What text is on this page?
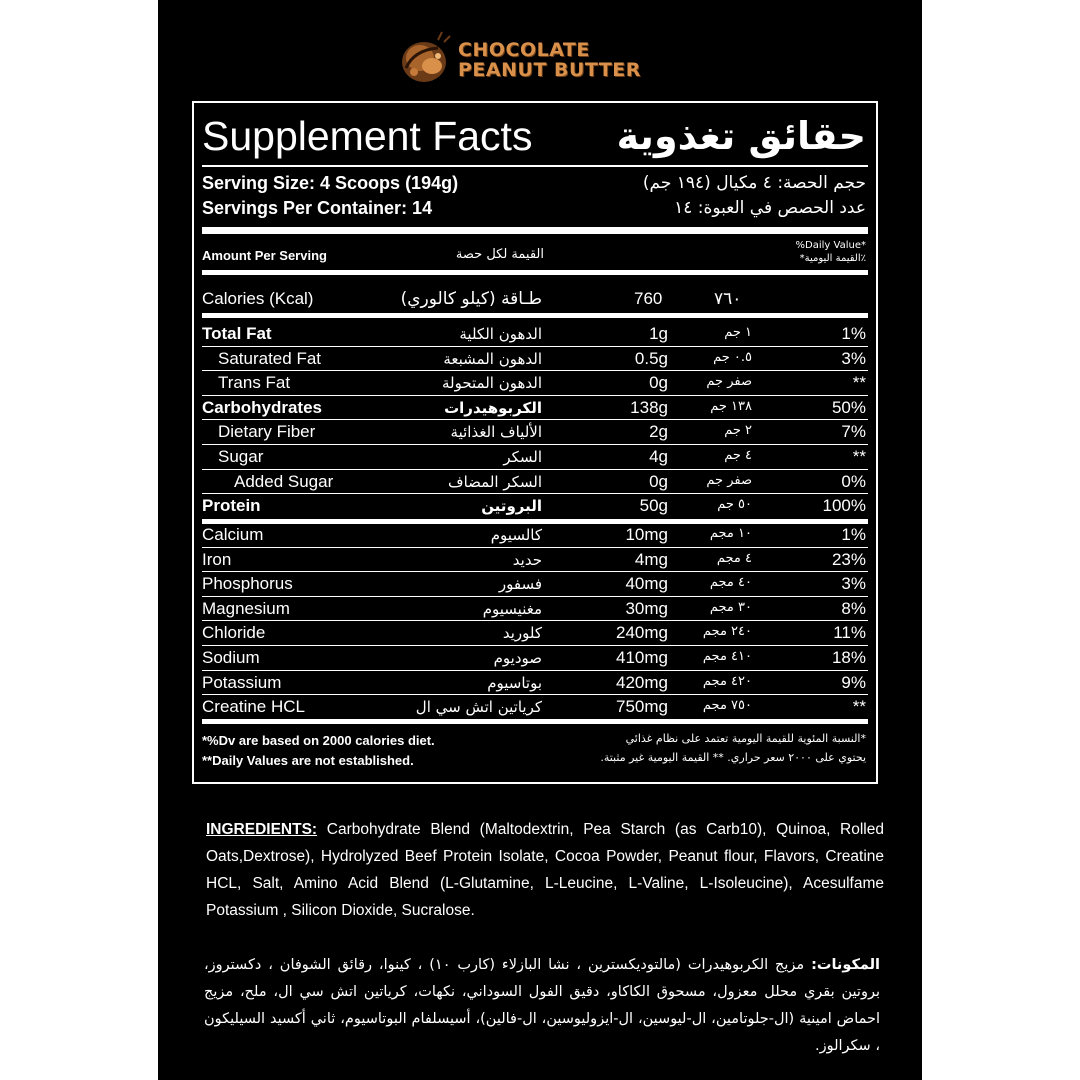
CHOCOLATE
PEANUT BUTTER
Supplement Facts حقائق تغذوية
Serving Size: 4 Scoops (194g)	حجم الحصة: ٤ مكيال (١٩٤ جم)
Servings Per Container: 14	عدد الحصص في العبوة: ١٤
Amount Per Serving	القيمة لكل حصة
%Daily Value*
*القيمة اليومية٪
Calories (Kcal)	طـاقة (كيلو كالوري)	760	٧٦٠
Total Fat	الدهون الكلية	1g	١ جم	1%
Saturated Fat	الدهون المشبعة	0.5g	٠.٥ جم	3%
Trans Fat	الدهون المتحولة	0g	صفر جم	**
Carbohydrates	الكربوهيدرات	138g	١٣٨ جم	50%
Dietary Fiber	الألياف الغذائية	2g	٢ جم	7%
Sugar	السكر	4g	٤ جم	**
Added Sugar	السكر المضاف	0g	صفر جم	0%
Protein	البروتين	50g	٥٠ جم	100%
Calcium	كالسيوم	10mg	١٠ مجم	1%
Iron	حديد	4mg	٤ مجم	23%
Phosphorus	فسفور	40mg	٤٠ مجم	3%
Magnesium	مغنيسيوم	30mg	٣٠ مجم	8%
Chloride	كلوريد	240mg	٢٤٠ مجم	11%
Sodium	صوديوم	410mg	٤١٠ مجم	18%
Potassium	بوتاسيوم	420mg	٤٢٠ مجم	9%
Creatine HCL	كرياتين اتش سي ال	750mg	٧٥٠ مجم	**
*%Dv are based on 2000 calories diet.
**Daily Values are not established.
*النسبة المئوية للقيمة اليومية تعتمد على نظام غذائي
يحتوي على ٢٠٠٠ سعر حراري. ** القيمة اليومية غير مثبتة.
INGREDIENTS: Carbohydrate Blend (Maltodextrin, Pea Starch (as Carb10), Quinoa, Rolled Oats,Dextrose), Hydrolyzed Beef Protein Isolate, Cocoa Powder, Peanut flour, Flavors, Creatine HCL, Salt, Amino Acid Blend (L-Glutamine, L-Leucine, L-Valine, L-Isoleucine), Acesulfame Potassium , Silicon Dioxide, Sucralose.
المكونات: مزيج الكربوهيدرات (مالتوديكسترين ، نشا البازلاء (كارب ١٠) ، كينوا، رقائق الشوفان ، دكستروز، بروتين بقري محلل معزول، مسحوق الكاكاو، دقيق الفول السوداني، نكهات، كرياتين اتش سي ال، ملح، مزيج احماض امينية (ال-جلوتامين، ال-ليوسين، ال-ايزوليوسين، ال-فالين)، أسيسلفام البوتاسيوم، ثاني أكسيد السيليكون ، سكرالوز.
